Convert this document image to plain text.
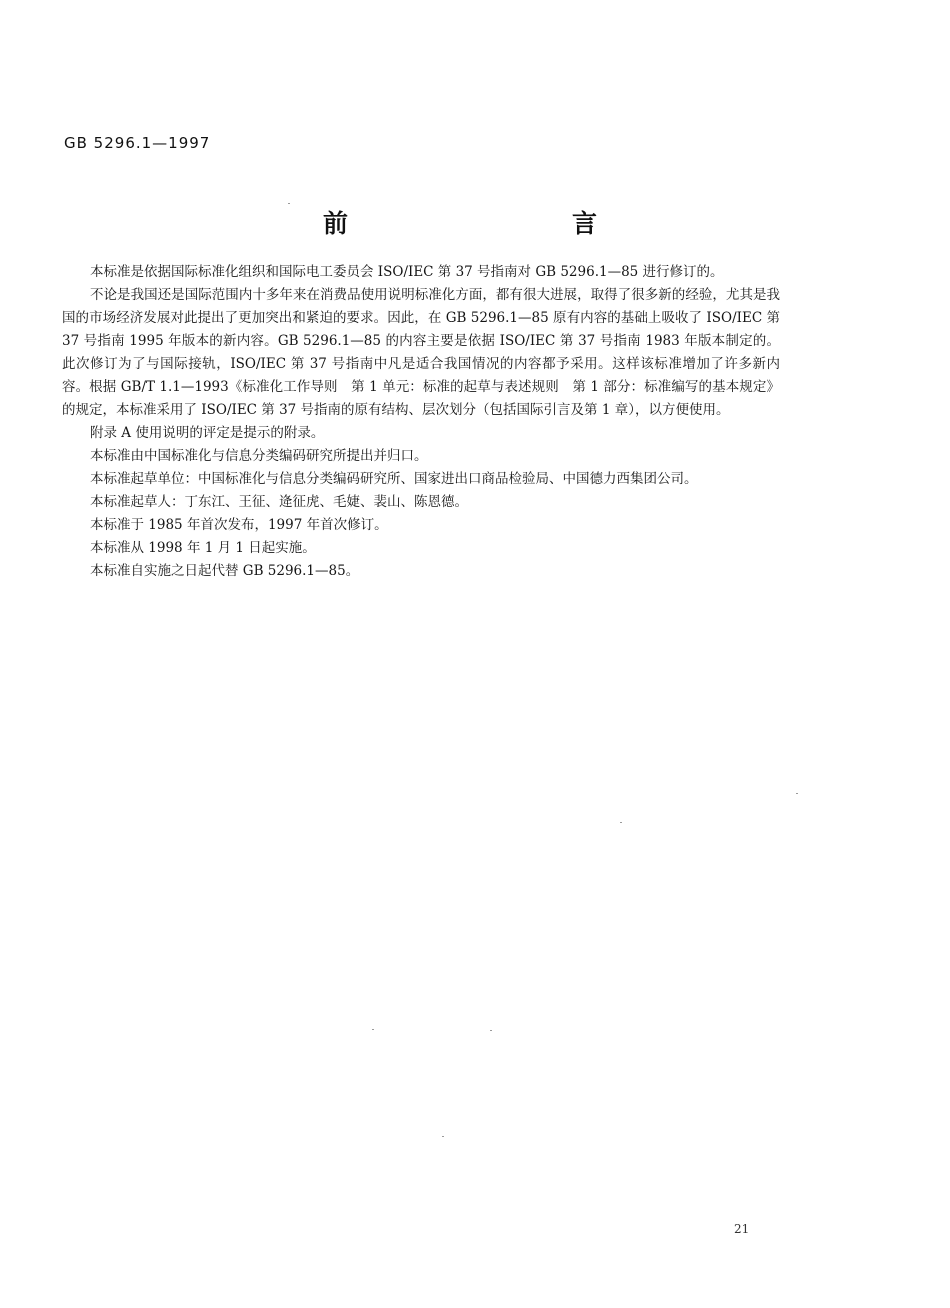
GB 5296.1—1997
前　　言

本标准是依据国际标准化组织和国际电工委员会 ISO/IEC 第 37 号指南对 GB 5296.1—85 进行修订的。

不论是我国还是国际范围内十多年来在消费品使用说明标准化方面，都有很大进展，取得了很多新的经验，尤其是我国的市场经济发展对此提出了更加突出和紧迫的要求。因此，在 GB 5296.1—85 原有内容的基础上吸收了 ISO/IEC 第 37 号指南 1995 年版本的新内容。GB 5296.1—85 的内容主要是依据 ISO/IEC 第 37 号指南 1983 年版本制定的。此次修订为了与国际接轨，ISO/IEC 第 37 号指南中凡是适合我国情况的内容都予采用。这样该标准增加了许多新内容。根据 GB/T 1.1—1993《标准化工作导则　第 1 单元：标准的起草与表述规则　第 1 部分：标准编写的基本规定》的规定，本标准采用了 ISO/IEC 第 37 号指南的原有结构、层次划分（包括国际引言及第 1 章），以方便使用。

附录 A 使用说明的评定是提示的附录。

本标准由中国标准化与信息分类编码研究所提出并归口。

本标准起草单位：中国标准化与信息分类编码研究所、国家进出口商品检验局、中国德力西集团公司。

本标准起草人：丁东江、王征、逄征虎、毛婕、裴山、陈恩德。

本标准于 1985 年首次发布，1997 年首次修订。

本标准从 1998 年 1 月 1 日起实施。

本标准自实施之日起代替 GB 5296.1—85。

21
